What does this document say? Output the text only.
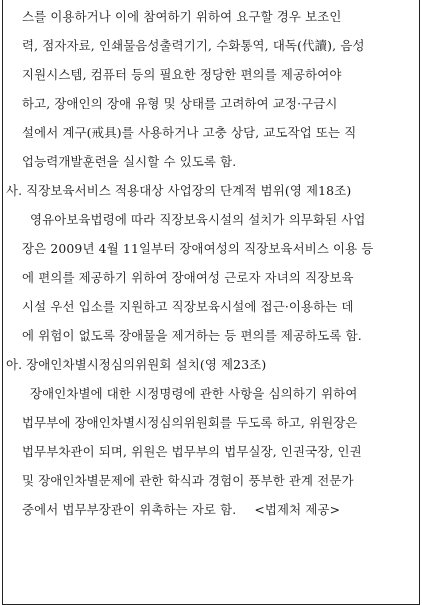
스를 이용하거나 이에 참여하기 위하여 요구할 경우 보조인
력, 점자자료, 인쇄물음성출력기기, 수화통역, 대독(代讀), 음성
지원시스템, 컴퓨터 등의 필요한 정당한 편의를 제공하여야
하고, 장애인의 장애 유형 및 상태를 고려하여 교정·구금시
설에서 계구(戒具)를 사용하거나 고충 상담, 교도작업 또는 직
업능력개발훈련을 실시할 수 있도록 함.
사. 직장보육서비스 적용대상 사업장의 단계적 범위(영 제18조)
영유아보육법령에 따라 직장보육시설의 설치가 의무화된 사업
장은 2009년 4월 11일부터 장애여성의 직장보육서비스 이용 등
에 편의를 제공하기 위하여 장애여성 근로자 자녀의 직장보육
시설 우선 입소를 지원하고 직장보육시설에 접근·이용하는 데
에 위험이 없도록 장애물을 제거하는 등 편의를 제공하도록 함.
아. 장애인차별시정심의위원회 설치(영 제23조)
장애인차별에 대한 시정명령에 관한 사항을 심의하기 위하여
법무부에 장애인차별시정심의위원회를 두도록 하고, 위원장은
법무부차관이 되며, 위원은 법무부의 법무실장, 인권국장, 인권
및 장애인차별문제에 관한 학식과 경험이 풍부한 관계 전문가
중에서 법무부장관이 위촉하는 자로 함. <법제처 제공>
